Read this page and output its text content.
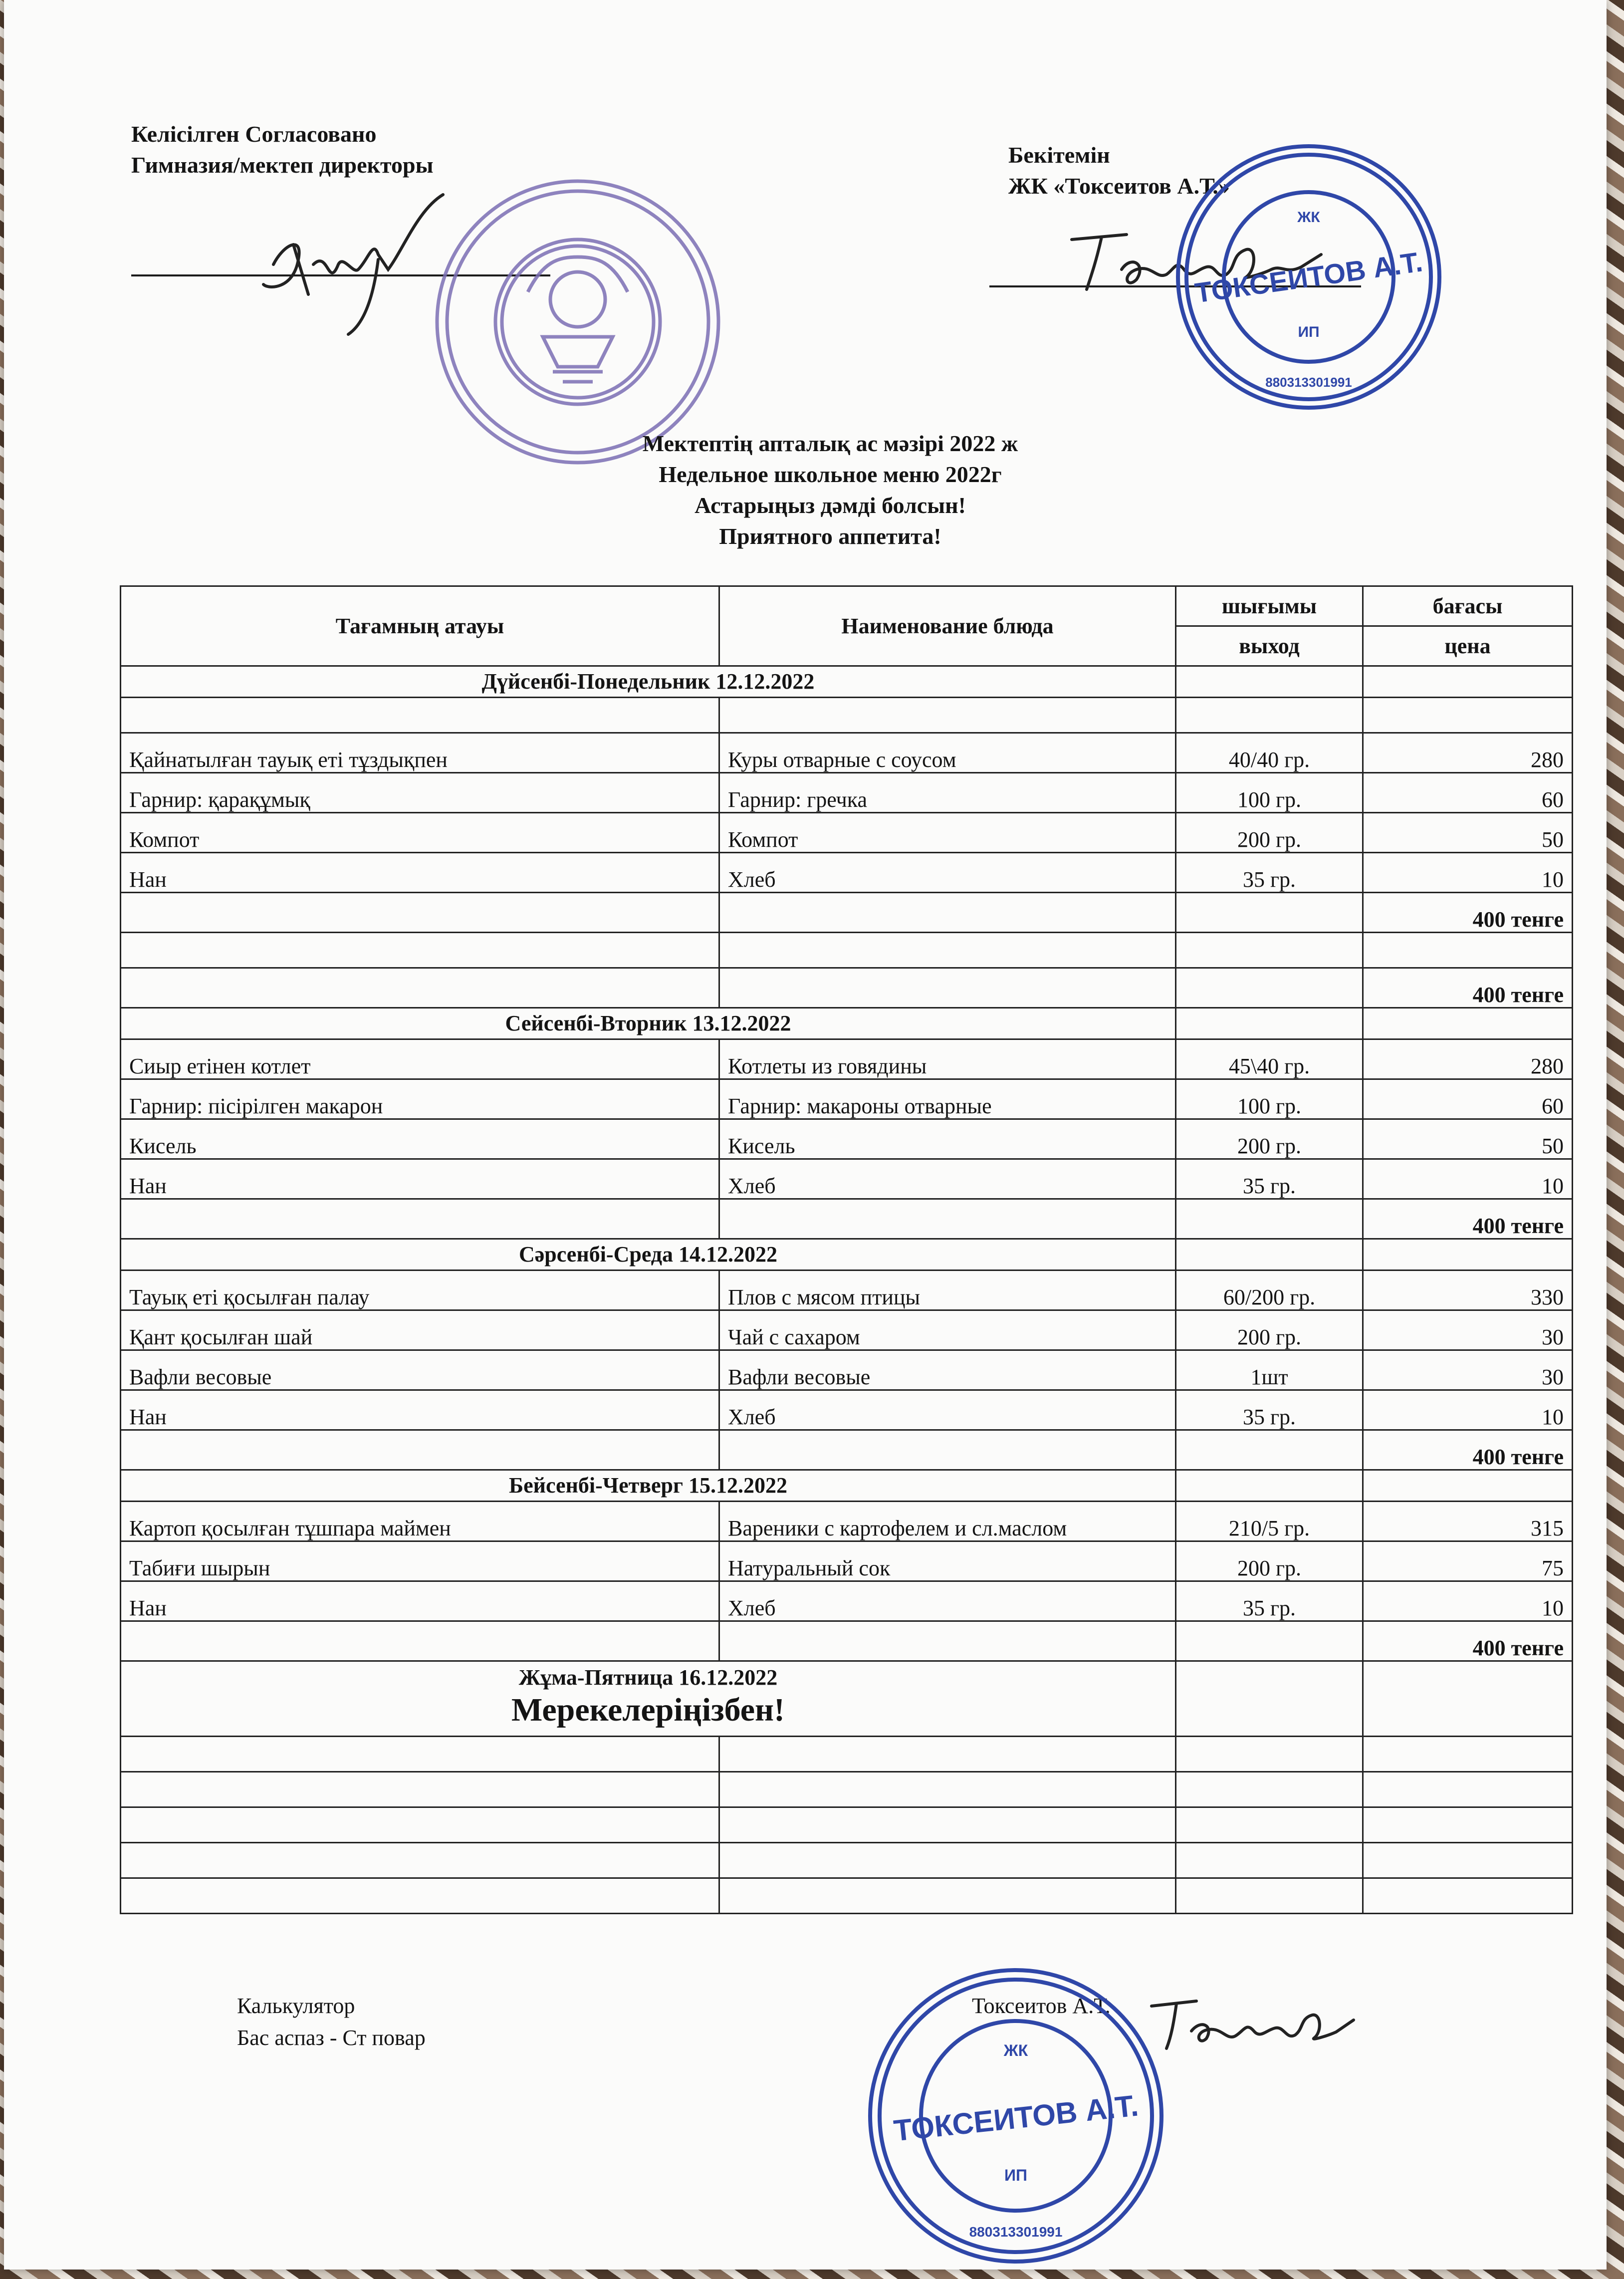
Келісілген Согласовано
Гимназия/мектеп директоры	Бекітемін
ЖК «Токсеитов А.Т.»
ЖК
ТОКСЕИТОВ А.Т.
ИП
880313301991
Мектептің апталық ас мәзірі 2022 ж
Недельное школьное меню 2022г
Астарыңыз дәмді болсын!
Приятного аппетита!
Тағамның атауы	Наименование блюда	шығымы	бағасы
		выход	цена
Дүйсенбі-Понедельник 12.12.2022			

Қайнатылған тауық еті тұздықпен	Куры отварные с соусом	40/40 гр.	280
Гарнир: қарақұмық	Гарнир: гречка	100 гр.	60
Компот	Компот	200 гр.	50
Нан	Хлеб	35 гр.	10
			400 тенге

			400 тенге
Сейсенбі-Вторник 13.12.2022			
Сиыр етінен котлет	Котлеты из говядины	45\40 гр.	280
Гарнир: пісірілген макарон	Гарнир: макароны отварные	100 гр.	60
Кисель	Кисель	200 гр.	50
Нан	Хлеб	35 гр.	10
			400 тенге
Сәрсенбі-Среда 14.12.2022			
Тауық еті қосылған палау	Плов с мясом птицы	60/200 гр.	330
Қант қосылған шай	Чай с сахаром	200 гр.	30
Вафли весовые	Вафли весовые	1шт	30
Нан	Хлеб	35 гр.	10
			400 тенге
Бейсенбі-Четверг 15.12.2022			
Картоп қосылған тұшпара маймен	Вареники с картофелем и сл.маслом	210/5 гр.	315
Табиғи шырын	Натуральный сок	200 гр.	75
Нан	Хлеб	35 гр.	10
			400 тенге

Жұма-Пятница 16.12.2022
Мерекелеріңізбен!			

Калькулятор
Бас аспаз - Ст повар
Токсеитов А.Т.
ЖК
ТОКСЕИТОВ А.Т.
ИП
880313301991
